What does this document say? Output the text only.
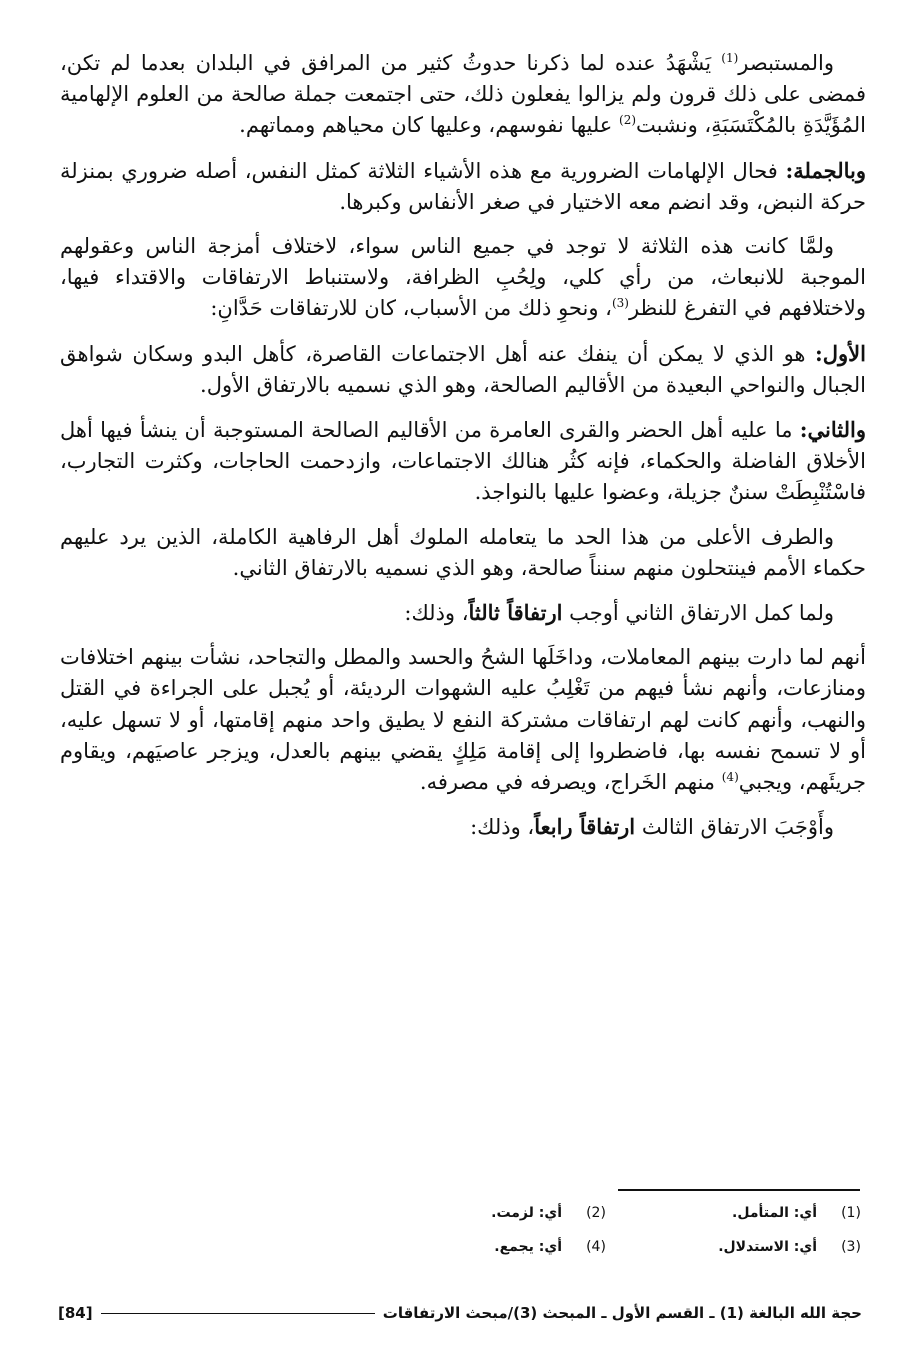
والمستبصر$^{(1)}$ يَشْهَدُ عنده لما ذكرنا حدوثُ كثير من المرافق في البلدان بعدما لم تكن، فمضى على ذلك قرون ولم يزالوا يفعلون ذلك، حتى اجتمعت جملة صالحة من العلوم الإلهامية المُؤَيَّدَةِ بالمُكْتَسَبَةِ، ونشبت$^{(2)}$ عليها نفوسهم، وعليها كان محياهم ومماتهم.

وبالجملة: فحال الإلهامات الضرورية مع هذه الأشياء الثلاثة كمثل النفس، أصله ضروري بمنزلة حركة النبض، وقد انضم معه الاختيار في صغر الأنفاس وكبرها.

ولمَّا كانت هذه الثلاثة لا توجد في جميع الناس سواء، لاختلاف أمزجة الناس وعقولهم الموجبة للانبعاث، من رأي كلي، ولِحُبِ الظرافة، ولاستنباط الارتفاقات والاقتداء فيها، ولاختلافهم في التفرغ للنظر$^{(3)}$، ونحوِ ذلك من الأسباب، كان للارتفاقات حَدَّانِ:

الأول: هو الذي لا يمكن أن ينفك عنه أهل الاجتماعات القاصرة، كأهل البدو وسكان شواهق الجبال والنواحي البعيدة من الأقاليم الصالحة، وهو الذي نسميه بالارتفاق الأول.

والثاني: ما عليه أهل الحضر والقرى العامرة من الأقاليم الصالحة المستوجبة أن ينشأ فيها أهل الأخلاق الفاضلة والحكماء، فإنه كثُر هنالك الاجتماعات، وازدحمت الحاجات، وكثرت التجارب، فاسْتُنْبِطَتْ سننٌ جزيلة، وعضوا عليها بالنواجذ.

والطرف الأعلى من هذا الحد ما يتعامله الملوك أهل الرفاهية الكاملة، الذين يرد عليهم حكماء الأمم فينتحلون منهم سنناً صالحة، وهو الذي نسميه بالارتفاق الثاني.

ولما كمل الارتفاق الثاني أوجب ارتفاقاً ثالثاً، وذلك:

أنهم لما دارت بينهم المعاملات، وداخَلَها الشحُ والحسد والمطل والتجاحد، نشأت بينهم اختلافات ومنازعات، وأنهم نشأ فيهم من تَغْلِبُ عليه الشهوات الرديئة، أو يُجبل على الجراءة في القتل والنهب، وأنهم كانت لهم ارتفاقات مشتركة النفع لا يطيق واحد منهم إقامتها، أو لا تسهل عليه، أو لا تسمح نفسه بها، فاضطروا إلى إقامة مَلِكٍ يقضي بينهم بالعدل، ويزجر عاصيَهم، ويقاوم جريئَهم، ويجبي$^{(4)}$ منهم الخَراج، ويصرفه في مصرفه.

وأَوْجَبَ الارتفاق الثالث ارتفاقاً رابعاً، وذلك:

(1)
أي: المتأمل.
(2)
أي: لزمت.
(3)
أي: الاستدلال.
(4)
أي: يجمع.
حجة الله البالغة (1) ـ القسم الأول ـ المبحث (3)/مبحث الارتفاقات
[84]
